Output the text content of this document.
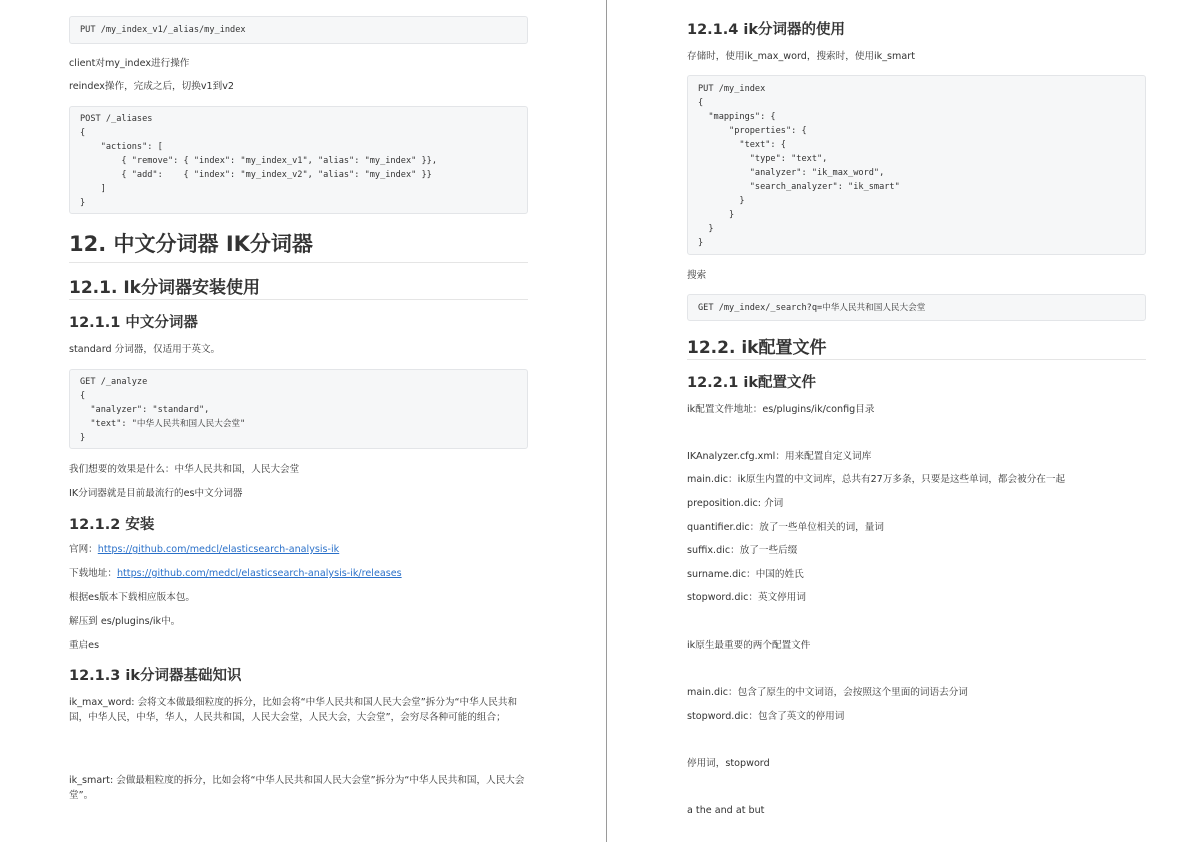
PUT /my_index_v1/_alias/my_index
client对my_index进行操作
reindex操作，完成之后，切换v1到v2
POST /_aliases
{
"actions": [
{ "remove": { "index": "my_index_v1", "alias": "my_index" }},
{ "add":    { "index": "my_index_v2", "alias": "my_index" }}
]
}
12. 中文分词器 IK分词器
12.1. Ik分词器安装使用
12.1.1 中文分词器
standard 分词器，仅适用于英文。
GET /_analyze
{
"analyzer": "standard",
"text": "中华人民共和国人民大会堂"
}
我们想要的效果是什么：中华人民共和国，人民大会堂
IK分词器就是目前最流行的es中文分词器
12.1.2 安装
官网：https://github.com/medcl/elasticsearch-analysis-ik
下载地址：https://github.com/medcl/elasticsearch-analysis-ik/releases
根据es版本下载相应版本包。
解压到 es/plugins/ik中。
重启es
12.1.3 ik分词器基础知识
ik_max_word: 会将文本做最细粒度的拆分，比如会将“中华人民共和国人民大会堂”拆分为“中华人民共和国，中华人民，中华，华人，人民共和国，人民大会堂，人民大会，大会堂”，会穷尽各种可能的组合；
ik_smart: 会做最粗粒度的拆分，比如会将“中华人民共和国人民大会堂”拆分为“中华人民共和国，人民大会堂”。
12.1.4 ik分词器的使用
存储时，使用ik_max_word，搜索时，使用ik_smart
PUT /my_index
{
"mappings": {
"properties": {
"text": {
"type": "text",
"analyzer": "ik_max_word",
"search_analyzer": "ik_smart"
}
}
}
}
搜索
GET /my_index/_search?q=中华人民共和国人民大会堂
12.2. ik配置文件
12.2.1 ik配置文件
ik配置文件地址：es/plugins/ik/config目录
IKAnalyzer.cfg.xml：用来配置自定义词库
main.dic：ik原生内置的中文词库，总共有27万多条，只要是这些单词，都会被分在一起
preposition.dic: 介词
quantifier.dic：放了一些单位相关的词，量词
suffix.dic：放了一些后缀
surname.dic：中国的姓氏
stopword.dic：英文停用词
ik原生最重要的两个配置文件
main.dic：包含了原生的中文词语，会按照这个里面的词语去分词
stopword.dic：包含了英文的停用词
停用词，stopword
a the and at but
